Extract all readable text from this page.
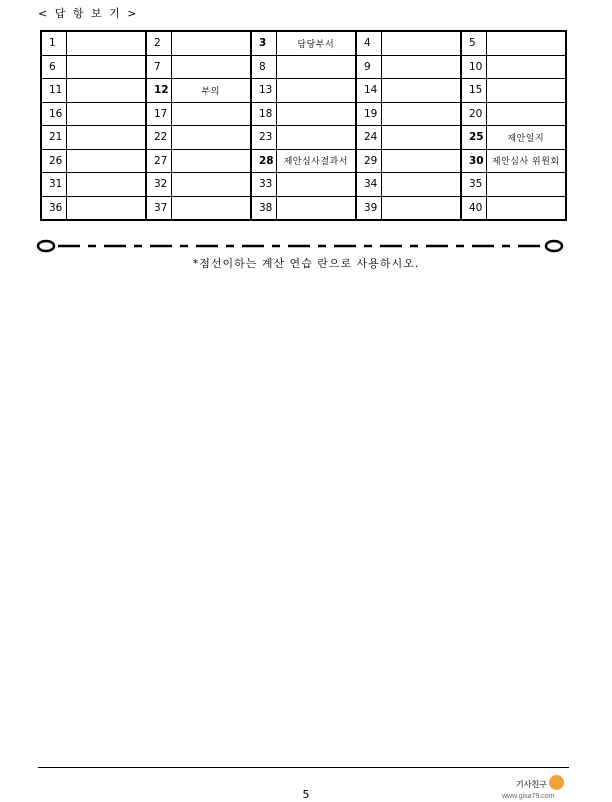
< 답 항 보 기 >
1		2		3	담당부서	4		5	
6		7		8		9		10	
11		12	부의	13		14		15	
16		17		18		19		20	
21		22		23		24		25	제안일지
26		27		28	제안심사결과서	29		30	제안심사 위원회
31		32		33		34		35	
36		37		38		39		40	
*점선이하는 계산 연습 란으로 사용하시오.
5
기사친구
www.gisa79.com
